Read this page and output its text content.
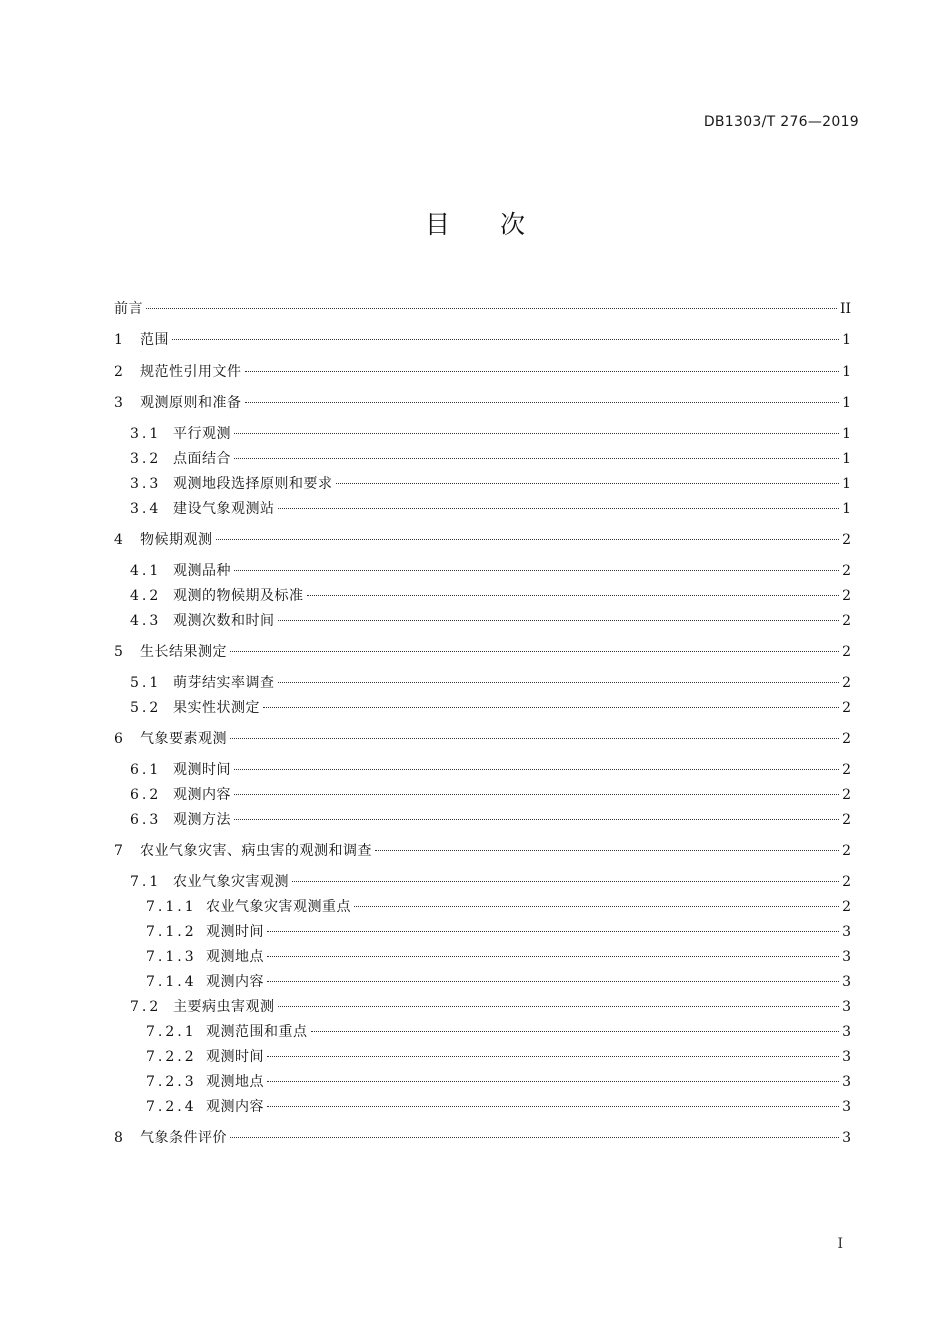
DB1303/T 276—2019
目 次
前言	II
1	范围	1
2	规范性引用文件	1
3	观测原则和准备	1
3.1 平行观测	1
3.2 点面结合	1
3.3 观测地段选择原则和要求	1
3.4 建设气象观测站	1
4	物候期观测	2
4.1 观测品种	2
4.2 观测的物候期及标准	2
4.3 观测次数和时间	2
5	生长结果测定	2
5.1 萌芽结实率调查	2
5.2 果实性状测定	2
6	气象要素观测	2
6.1 观测时间	2
6.2 观测内容	2
6.3 观测方法	2
7	农业气象灾害、病虫害的观测和调查	2
7.1 农业气象灾害观测	2
7.1.1 农业气象灾害观测重点	2
7.1.2 观测时间	3
7.1.3 观测地点	3
7.1.4 观测内容	3
7.2 主要病虫害观测	3
7.2.1 观测范围和重点	3
7.2.2 观测时间	3
7.2.3 观测地点	3
7.2.4 观测内容	3
8	气象条件评价	3
I
